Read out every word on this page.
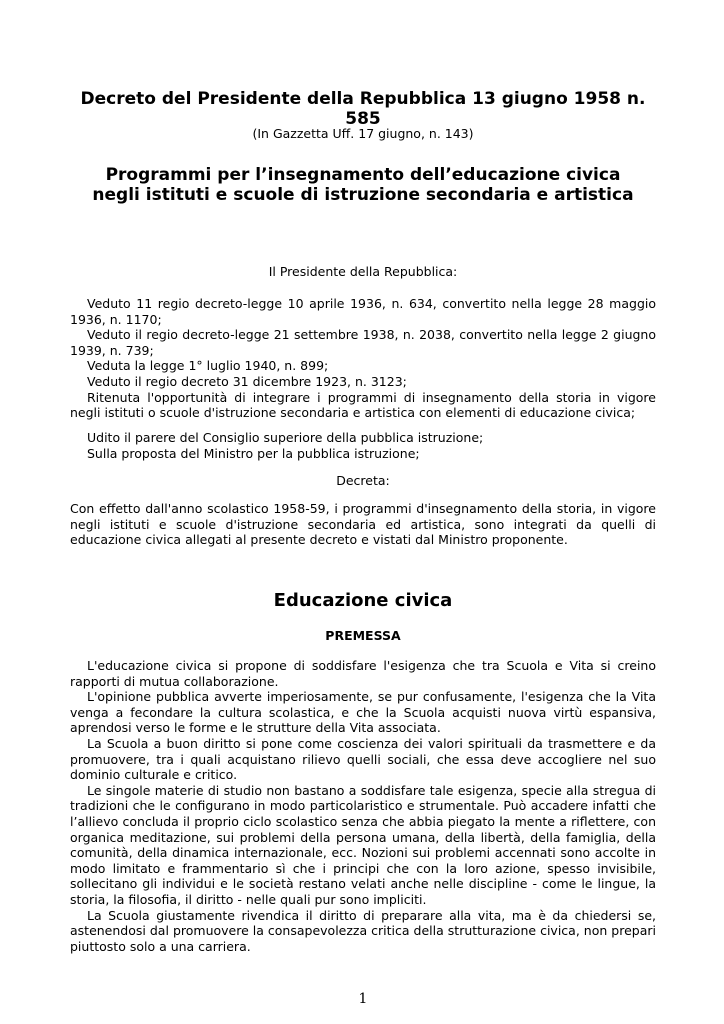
Decreto del Presidente della Repubblica 13 giugno 1958 n.
585
(In Gazzetta Uff. 17 giugno, n. 143)
Programmi per l’insegnamento dell’educazione civica
negli istituti e scuole di istruzione secondaria e artistica
Il Presidente della Repubblica:

Veduto 11 regio decreto-legge 10 aprile 1936, n. 634, convertito nella legge 28 maggio 1936, n. 1170;

Veduto il regio decreto-legge 21 settembre 1938, n. 2038, convertito nella legge 2 giugno 1939, n. 739;

Veduta la legge 1° luglio 1940, n. 899;

Veduto il regio decreto 31 dicembre 1923, n. 3123;

Ritenuta l'opportunità di integrare i programmi di insegnamento della storia in vigore negli istituti o scuole d'istruzione secondaria e artistica con elementi di educazione civica;

Udito il parere del Consiglio superiore della pubblica istruzione;

Sulla proposta del Ministro per la pubblica istruzione;

Decreta:

Con effetto dall'anno scolastico 1958-59, i programmi d'insegnamento della storia, in vigore negli istituti e scuole d'istruzione secondaria ed artistica, sono integrati da quelli di educazione civica allegati al presente decreto e vistati dal Ministro proponente.

Educazione civica
PREMESSA

L'educazione civica si propone di soddisfare l'esigenza che tra Scuola e Vita si creino rapporti di mutua collaborazione.

L'opinione pubblica avverte imperiosamente, se pur confusamente, l'esigenza che la Vita venga a fecondare la cultura scolastica, e che la Scuola acquisti nuova virtù espansiva, aprendosi verso le forme e le strutture della Vita associata.

La Scuola a buon diritto si pone come coscienza dei valori spirituali da trasmettere e da promuovere, tra i quali acquistano rilievo quelli sociali, che essa deve accogliere nel suo dominio culturale e critico.

Le singole materie di studio non bastano a soddisfare tale esigenza, specie alla stregua di tradizioni che le configurano in modo particolaristico e strumentale. Può accadere infatti che l’allievo concluda il proprio ciclo scolastico senza che abbia piegato la mente a riflettere, con organica meditazione, sui problemi della persona umana, della libertà, della famiglia, della comunità, della dinamica internazionale, ecc. Nozioni sui problemi accennati sono accolte in modo limitato e frammentario sì che i principi che con la loro azione, spesso invisibile, sollecitano gli individui e le società restano velati anche nelle discipline - come le lingue, la storia, la filosofia, il diritto - nelle quali pur sono impliciti.

La Scuola giustamente rivendica il diritto di preparare alla vita, ma è da chiedersi se, astenendosi dal promuovere la consapevolezza critica della strutturazione civica, non prepari piuttosto solo a una carriera.

1
